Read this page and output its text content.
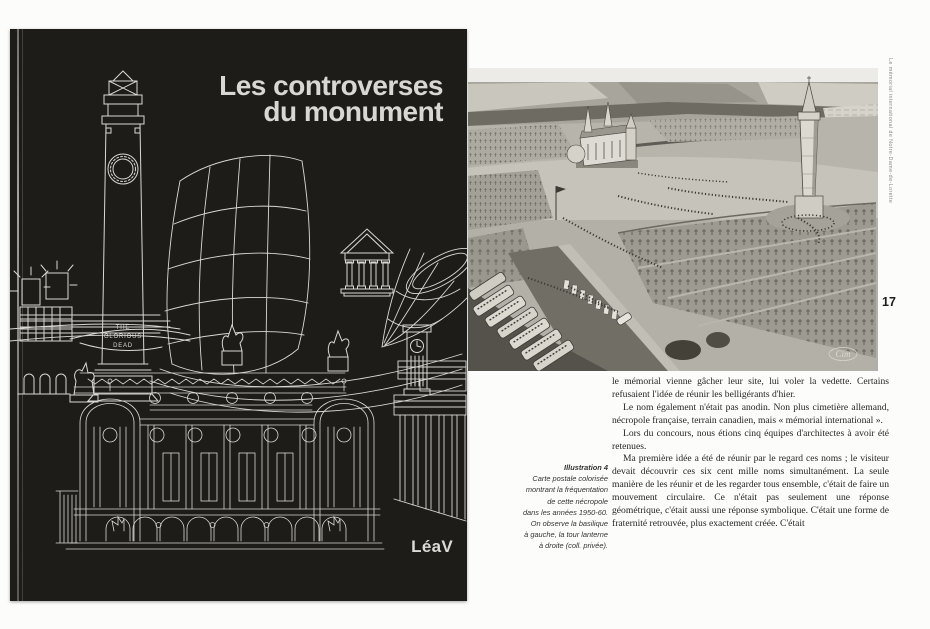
THE
GLORIOUS
DEAD
Les controverses
du monument
LéaV
Cim
Illustration 4
Carte postale colorisée
montrant la fréquentation
de cette nécropole
dans les années 1950-60.
On observe la basilique
à gauche, la tour lanterne
à droite (coll. privée).

le mémorial vienne gâcher leur site, lui voler la vedette. Certains refusaient l'idée de réunir les belligérants d'hier.

Le nom également n'était pas anodin. Non plus cimetière allemand, nécropole française, terrain canadien, mais « mémorial international ».

Lors du concours, nous étions cinq équipes d'architectes à avoir été retenues.

Ma première idée a été de réunir par le regard ces noms ; le visiteur devait découvrir ces six cent mille noms simultanément. La seule manière de les réunir et de les regarder tous ensemble, c'était de faire un mouvement circulaire. Ce n'était pas seulement une réponse géométrique, c'était aussi une réponse symbolique. C'était une forme de fraternité retrouvée, plus exactement créée. C'était

17
Le mémorial international de Notre-Dame-de-Lorette
